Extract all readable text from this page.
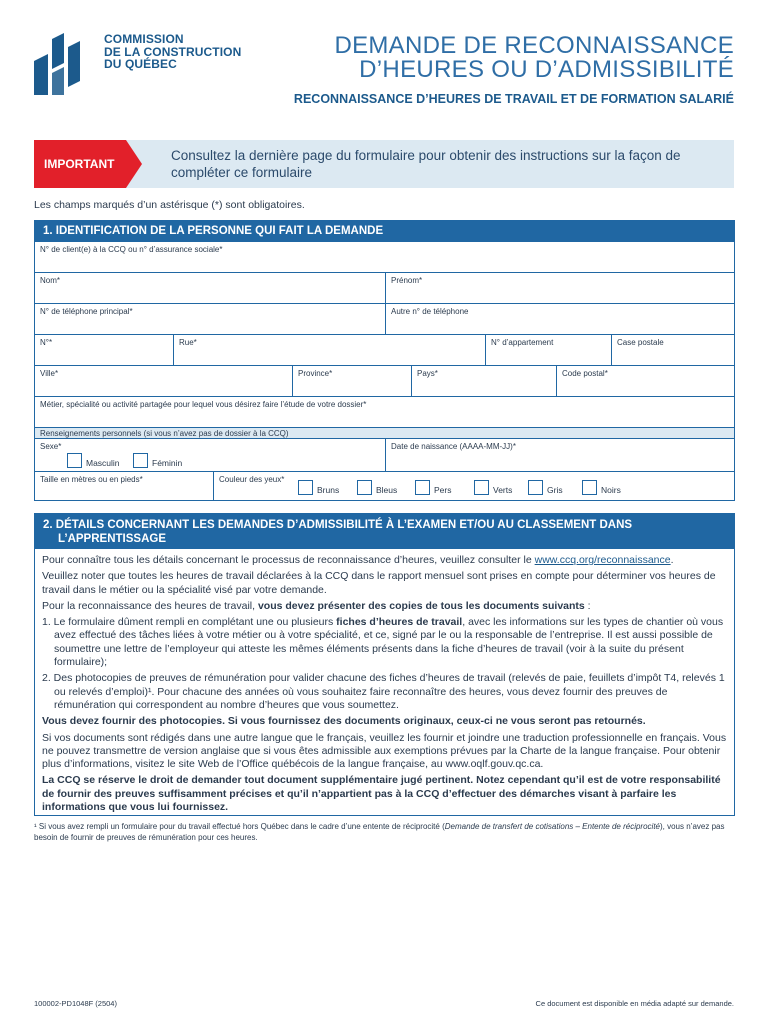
COMMISSION
DE LA CONSTRUCTION
DU QUÉBEC
DEMANDE DE RECONNAISSANCE
D’HEURES OU D’ADMISSIBILITÉ
RECONNAISSANCE D’HEURES DE TRAVAIL ET DE FORMATION SALARIÉ
IMPORTANT
Consultez la dernière page du formulaire pour obtenir des instructions sur la façon de compléter ce formulaire
Les champs marqués d’un astérisque (*) sont obligatoires.
1. IDENTIFICATION DE LA PERSONNE QUI FAIT LA DEMANDE
N° de client(e) à la CCQ ou n° d’assurance sociale*
Nom*	Prénom*
N° de téléphone principal*	Autre n° de téléphone
N°*	Rue*	N° d’appartement	Case postale
Ville*	Province*	Pays*	Code postal*
Métier, spécialité ou activité partagée pour lequel vous désirez faire l’étude de votre dossier*
Renseignements personnels (si vous n’avez pas de dossier à la CCQ)
Sexe*
Masculin	Féminin
Date de naissance (AAAA-MM-JJ)*
Taille en mètres ou en pieds*	Couleur des yeux*
Bruns	Bleus	Pers	Verts	Gris	Noirs
2. DÉTAILS CONCERNANT LES DEMANDES D’ADMISSIBILITÉ À L’EXAMEN ET/OU AU CLASSEMENT DANS
L’APPRENTISSAGE

Pour connaître tous les détails concernant le processus de reconnaissance d’heures, veuillez consulter le www.ccq.org/reconnaissance.

Veuillez noter que toutes les heures de travail déclarées à la CCQ dans le rapport mensuel sont prises en compte pour déterminer vos heures de travail dans le métier ou la spécialité visé par votre demande.

Pour la reconnaissance des heures de travail, vous devez présenter des copies de tous les documents suivants :

1. Le formulaire dûment rempli en complétant une ou plusieurs fiches d’heures de travail, avec les informations sur les types de chantier où vous avez effectué des tâches liées à votre métier ou à votre spécialité, et ce, signé par le ou la responsable de l’entreprise. Il est aussi possible de soumettre une lettre de l’employeur qui atteste les mêmes éléments présents dans la fiche d’heures de travail (voir à la suite du présent formulaire);

2. Des photocopies de preuves de rémunération pour valider chacune des fiches d’heures de travail (relevés de paie, feuillets d’impôt T4, relevés 1 ou relevés d’emploi)¹. Pour chacune des années où vous souhaitez faire reconnaître des heures, vous devez fournir des preuves de rémunération qui correspondent au nombre d’heures que vous soumettez.

Vous devez fournir des photocopies. Si vous fournissez des documents originaux, ceux-ci ne vous seront pas retournés.

Si vos documents sont rédigés dans une autre langue que le français, veuillez les fournir et joindre une traduction professionnelle en français. Vous ne pouvez transmettre de version anglaise que si vous êtes admissible aux exemptions prévues par la Charte de la langue française. Pour obtenir plus d’informations, visitez le site Web de l’Office québécois de la langue française, au www.oqlf.gouv.qc.ca.

La CCQ se réserve le droit de demander tout document supplémentaire jugé pertinent. Notez cependant qu’il est de votre responsabilité de fournir des preuves suffisamment précises et qu’il n’appartient pas à la CCQ d’effectuer des démarches visant à parfaire les informations que vous lui fournissez.

¹ Si vous avez rempli un formulaire pour du travail effectué hors Québec dans le cadre d’une entente de réciprocité (Demande de transfert de cotisations – Entente de réciprocité), vous n’avez pas besoin de fournir de preuves de rémunération pour ces heures.
100002-PD1048F (2504)	Ce document est disponible en média adapté sur demande.
